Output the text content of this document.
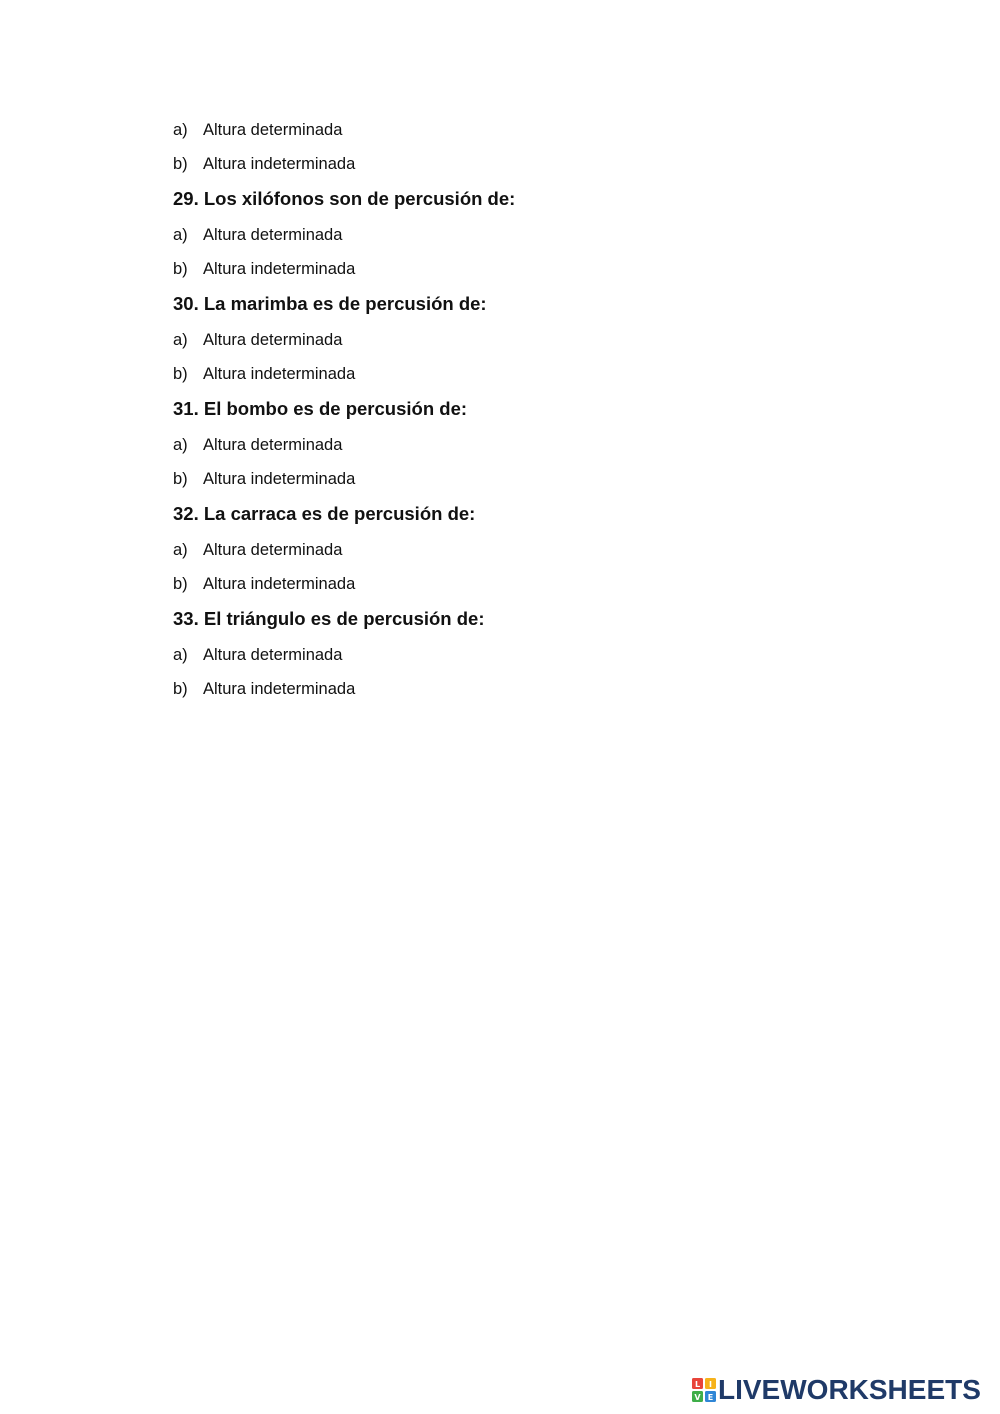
a) Altura determinada
b) Altura indeterminada
29. Los xilófonos son de percusión de:
a) Altura determinada
b) Altura indeterminada
30. La marimba es de percusión de:
a) Altura determinada
b) Altura indeterminada
31. El bombo es de percusión de:
a) Altura determinada
b) Altura indeterminada
32. La carraca es de percusión de:
a) Altura determinada
b) Altura indeterminada
33. El triángulo es de percusión de:
a) Altura determinada
b) Altura indeterminada
L I
V E LIVEWORKSHEETS
